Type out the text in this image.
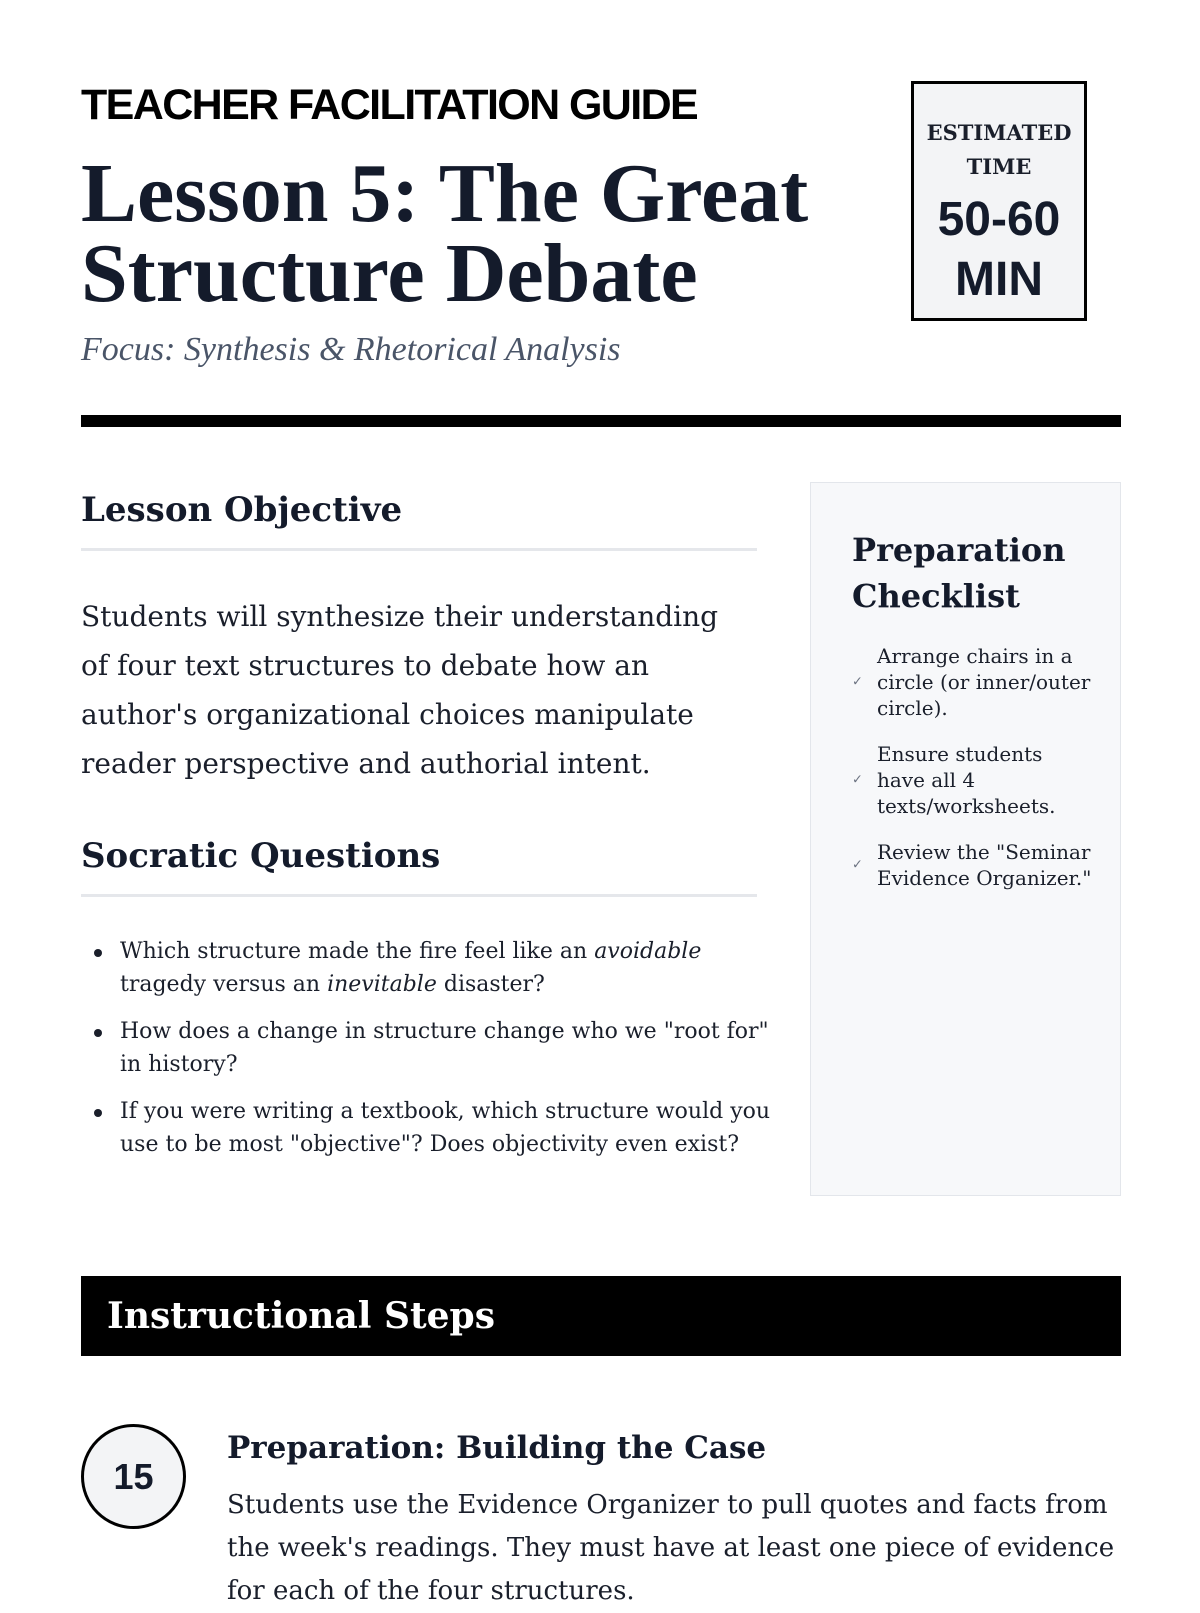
TEACHER FACILITATION GUIDE
Lesson 5: The Great Structure Debate
Focus: Synthesis & Rhetorical Analysis
ESTIMATED TIME
50-60 MIN
Lesson Objective

Students will synthesize their understanding of four text structures to debate how an author's organizational choices manipulate reader perspective and authorial intent.

Socratic Questions
Which structure made the fire feel like an avoidable tragedy versus an inevitable disaster?
How does a change in structure change who we "root for" in history?
If you were writing a textbook, which structure would you use to be most "objective"? Does objectivity even exist?
Preparation Checklist
✓
Arrange chairs in a circle (or inner/outer circle).
✓
Ensure students have all 4 texts/worksheets.
✓
Review the "Seminar Evidence Organizer."
Instructional Steps
15
Preparation: Building the Case

Students use the Evidence Organizer to pull quotes and facts from the week's readings. They must have at least one piece of evidence for each of the four structures.
